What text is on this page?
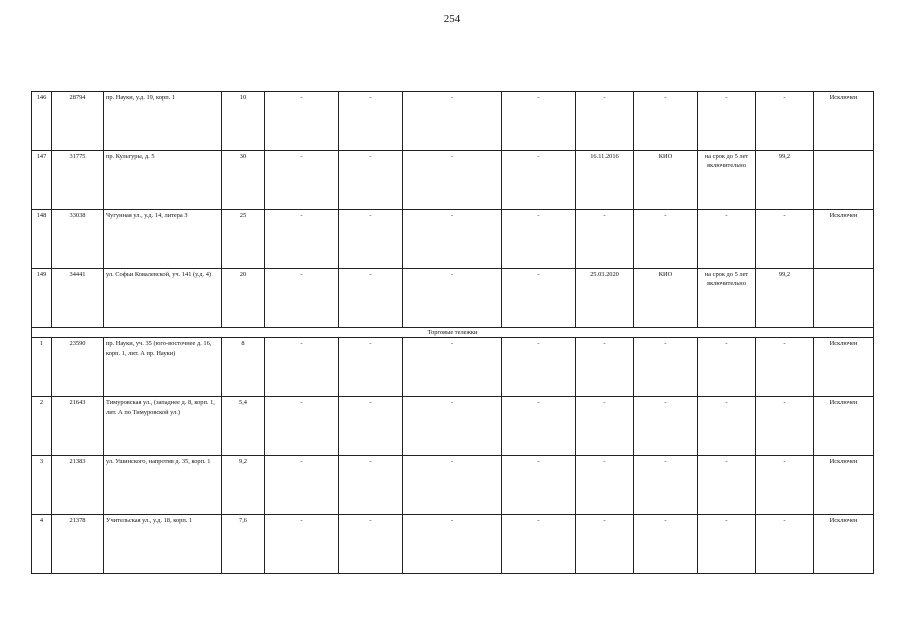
254
146	28794	пр. Науки, у.д. 19, корп. 1	10	-	-	-	-	-	-	-	-	Исключен
147	31775	пр. Культуры, д. 5	30	-	-	-	-	16.11.2016	КИО	на срок до 5 лет включительно	99,2	
148	33038	Чугунная ул., у.д. 14, литера З	25	-	-	-	-	-	-	-	-	Исключен
149	34441	ул. Софьи Ковалевской, уч. 141 (у.д. 4)	20	-	-	-	-	25.03.2020	КИО	на срок до 5 лет включительно	99,2	
Торговые тележки												
1	23590	пр. Науки, уч. 35 (юго-восточнее д. 16, корп. 1, лит. А пр. Науки)	8	-	-	-	-	-	-	-	-	Исключен
2	21643	Тимуровская ул., (западнее д. 8, корп. 1, лит. А по Тимуровской ул.)	5,4	-	-	-	-	-	-	-	-	Исключен
3	21383	ул. Ушинского, напротив д. 35, корп. 1	9,2	-	-	-	-	-	-	-	-	Исключен
4	21378	Учительская ул., у.д. 18, корп. 1	7,6	-	-	-	-	-	-	-	-	Исключен
